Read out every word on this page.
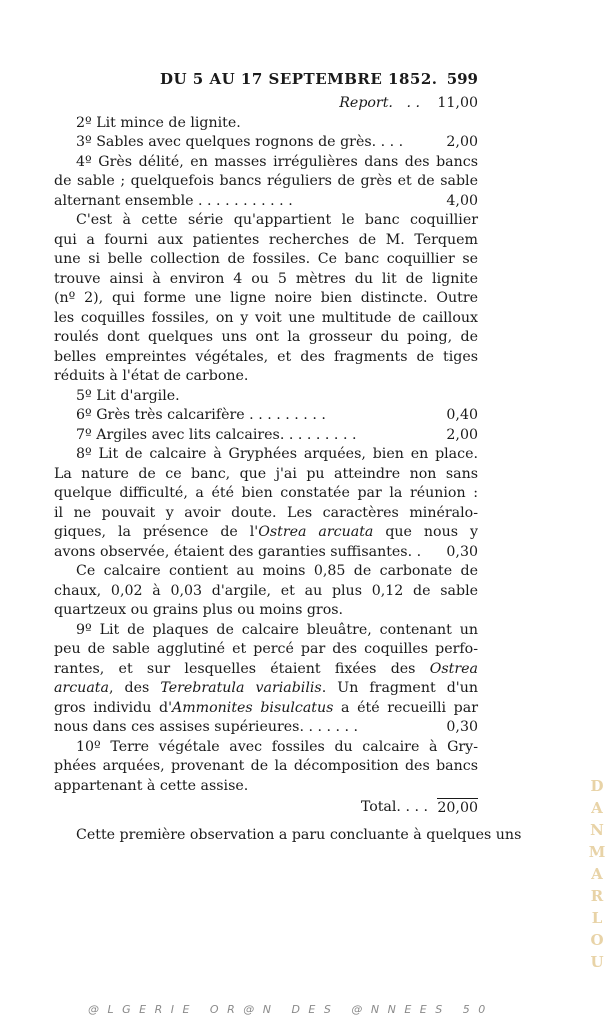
DU 5 AU 17 SEPTEMBRE 1852. 599
Report. . . 11,00
2º Lit mince de lignite.
3º Sables avec quelques rognons de grès. . . .	2,00
4º Grès délité, en masses irrégulières dans des bancs
de sable ; quelquefois bancs réguliers de grès et de sable
alternant ensemble . . . . . . . . . . .	4,00
C'est à cette série qu'appartient le banc coquillier
qui a fourni aux patientes recherches de M. Terquem
une si belle collection de fossiles. Ce banc coquillier se
trouve ainsi à environ 4 ou 5 mètres du lit de lignite
(nº 2), qui forme une ligne noire bien distincte. Outre
les coquilles fossiles, on y voit une multitude de cailloux
roulés dont quelques uns ont la grosseur du poing, de
belles empreintes végétales, et des fragments de tiges
réduits à l'état de carbone.
5º Lit d'argile.
6º Grès très calcarifère . . . . . . . . .	0,40
7º Argiles avec lits calcaires. . . . . . . . .	2,00
8º Lit de calcaire à Gryphées arquées, bien en place.
La nature de ce banc, que j'ai pu atteindre non sans
quelque difficulté, a été bien constatée par la réunion :
il ne pouvait y avoir doute. Les caractères minéralo-
giques, la présence de l'Ostrea arcuata que nous y
avons observée, étaient des garanties suffisantes. . 0,30
Ce calcaire contient au moins 0,85 de carbonate de
chaux, 0,02 à 0,03 d'argile, et au plus 0,12 de sable
quartzeux ou grains plus ou moins gros.
9º Lit de plaques de calcaire bleuâtre, contenant un
peu de sable agglutiné et percé par des coquilles perfo-
rantes, et sur lesquelles étaient fixées des Ostrea
arcuata, des Terebratula variabilis. Un fragment d'un
gros individu d'Ammonites bisulcatus a été recueilli par
nous dans ces assises supérieures. . . . . . .	0,30
10º Terre végétale avec fossiles du calcaire à Gry-
phées arquées, provenant de la décomposition des bancs
appartenant à cette assise.
Total. . . . 20,00
Cette première observation a paru concluante à quelques uns
D
A
N
M
A
R
L
O
U
@LGERIE OR@N DES @NNEES 50
